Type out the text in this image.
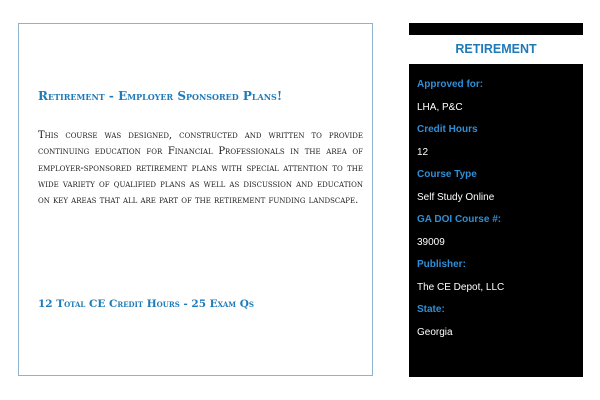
Retirement - Employer Sponsored Plans!
This course was designed, constructed and written to provide continuing education for Financial Professionals in the area of employer-sponsored retirement plans with special attention to the wide variety of qualified plans as well as discussion and education on key areas that all are part of the retirement funding landscape.
12 Total CE Credit Hours - 25 Exam Qs
RETIREMENT
Approved for:
LHA, P&C
Credit Hours
12
Course Type
Self Study Online
GA DOI Course #:
39009
Publisher:
The CE Depot, LLC
State:
Georgia
